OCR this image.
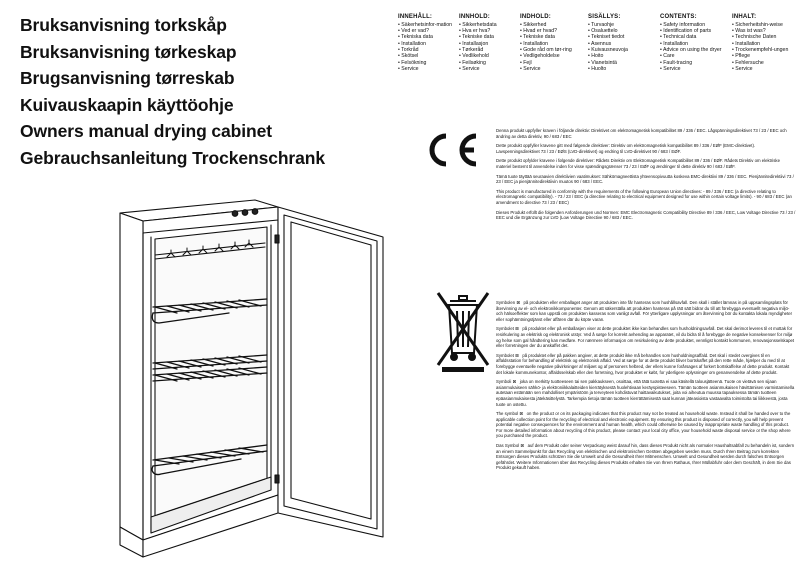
Bruksanvisning torkskåp
Bruksanvisning tørkeskap
Brugsanvisning tørreskab
Kuivauskaapin käyttöohje
Owners manual drying cabinet
Gebrauchsanleitung Trockenschrank
INNEHÅLL:
• Säkerhetsinfor-mation
• Ved er vad?
• Tekniska data
• Installation
• Torkråd
• Skötsel
• Felsökning
• Service
INNHOLD:
• Sikkerhetsdata
• Hva er hva?
• Tekniske data
• Installasjon
• Tørkeråd
• Vedlikehold
• Feilsøking
• Service
INDHOLD:
• Sikkerhed
• Hvad er hvad?
• Tekniske data
• Installation
• Godе råd om tør-ring
• Vedligeholdelse
• Fejl
• Service
SISÄLLYS:
• Turvaohje
• Osaluettelo
• Tekniset tiedot
• Asennus
• Kuivausneuvoja
• Hoito
• Vianetsintä
• Huolto
CONTENTS:
• Safety information
• Identification of parts
• Technical data
• Installation
• Advice on using the dryer
• Care
• Fault-tracing
• Service
INHALT:
• Sicherheitshin-weise
• Was ist was?
• Technische Daten
• Installation
• Trockenempfehl-ungen
• Pflege
• Fehlersuche
• Service

Denna produkt uppfyller kraven i följande direktiv: Direktivet om elektromagnetisk kompatibilitet 89 / 336 / EEC. Lågspänningsdirektivet 73 / 23 / EEC och ändring av detta direktiv, 90 / 683 / EEC

Dette produkt oppfyller kravene gitt med følgende direktiver: Direktiv om elektromagnetisk kompatibilitet 89 / 336 / EØF (EMC-direktivet). Lavspenningsdirektivet 73 / 23 / EØS (LVD-direktivet) og endring til LVD-direktivet 90 / 683 / EØF.

Dette produkt opfylder kravene i følgende direktiver: Rådets Direktiv om Elektromagnetisk Kompatibilitet 89 / 336 / EØF. Rådets Direktiv om elektriske materiel bestemt til anvendelse inden for visse spændingsgrænser 73 / 23 / EØF og ændringer til dette direktiv 90 / 683 / EØF.

Tämä tuote täyttää seuraavien direktiivien vaatimukset: Sähkömagneettista yhteensopivuutta koskeva EMC-direktiivi 89 / 336 / EEC. Pienjännitedirektiivi 73 / 23 / EEC ja pienjännitedirektiivin muutos 90 / 683 / EEC.

This product is manufactured in conformity with the requirements of the following European Union directives: - 89 / 336 / EEC (a directive relating to electromagnetic compatibility). - 73 / 23 / EEC (a directive relating to electrical equipment designed for use within certain voltage limits). - 90 / 683 / EEC (an amendment to directive 73 / 23 / EEC)

Dieses Produkt erfüllt die folgenden Anforderungen und Normen: EMC Electromagnetic Compatibility Directive 89 / 336 / EEC, Low Voltage Directive 73 / 23 / EEC und die Ergänzung zur LVD (Low Voltage Directive 90 / 683 / EEC.

Symbolen ⊠ på produkten eller emballaget anger att produkten inte får hanteras som hushållsavfall. Den skall i stället lämnas in på uppsamlingsplats för återvinning av el- och elektronikkomponenter. Genom att säkerställa att produkten hanteras på rätt sätt bidrar du till att förebygga eventuellt negativa miljö- och hälsoeffekter som kan uppstå om produkten kasseras som vanligt avfall. För ytterligare upplysningar om återvinning bör du kontakta lokala myndigheter eller sophämtningstjänst eller affären där du köpte varan.

Symbolet ⊠ på produktet eller på emballasjen viser at dette produktet ikke kan behandles som husholdningsavfall. Det skal derimot leveres til et mottak for resirkulering av elektrisk og elektronisk utstyr. Ved å sørge for korrekt avhending av apparatet, vil du bidra til å forebygge de negative konsekvenser for miljø og helse som gal håndtering kan medføre. For nærmere informasjon om resirkulering av dette produktet, vennligst kontakt kommunen, renovasjonsselskapet eller forretningen der du anskaffet det.

Symbolet ⊠ på produktet eller på pakken angiver, at dette produkt ikke må behandles som husholdningsaffald. Det skal i stedet overgives til en affaldsstation for behandling af elektrisk og elektronisk affald. Ved at sørge for at dette produkt bliver bortskaffet på den rette måde, hjælper du med til at forebygge eventuelle negative påvirkninger af miljøet og af personers helbred, der ellers kunne forårsages af forkert bortskaffelse af dette produkt. Kontakt det lokale kommunekontor, affaldsselskab eller den forretning, hvor produktet er købt, for yderligere oplysninger om genanvendelse af dette produkt.

Symboli ⊠ joka on merkitty tuotteeseen tai sen pakkaukseen, osoittaa, että tätä tuotetta ei saa käsitellä talousjätteenä. Tuote on vietävä sen sijaan asianmukaiseen sähkö- ja elektroniikkalaitteiden kierrätyksestä huolehtivaan keräyspisteeseen. Tämän tuotteen asianmukaisen hävittämisen varmistamisella autetaan estämään sen mahdolliset ympäristöön ja terveyteen kohdistuvat haittavaikutukset, joita voi aiheutua muussa tapauksessa tämän tuotteen epäasianmukaisesta jätekäsittelystä. Tarkempia tietoja tämän tuotteen kierrättämisestä saat kunnan jäteasioista vastaavalta toimistolta tai liikkeestä, josta tuote on ostettu.

The symbol ⊠ on the product or on its packaging indicates that this product may not be treated as household waste. Instead it shall be handed over to the applicable collection point for the recycling of electrical and electronic equipment. By ensuring this product is disposed of correctly, you will help prevent potential negative consequences for the environment and human health, which could otherwise be caused by inappropriate waste handling of this product. For more detailed information about recycling of this product, please contact your local city office, your household waste disposal service or the shop where you purchased the product.

Das Symbol ⊠ auf dem Produkt oder seiner Verpackung weist darauf hin, dass dieses Produkt nicht als normaler Haushaltsabfall zu behandeln ist, sondern an einem Sammelpunkt für das Recycling von elektrischen und elektronischen Geräten abgegeben werden muss. Durch Ihren Beitrag zum korrekten Entsorgen dieses Produkts schützen Sie die Umwelt und die Gesundheit Ihrer Mitmenschen. Umwelt und Gesundheit werden durch falsches Entsorgen gefährdet. Weitere Informationen über das Recycling dieses Produkts erhalten Sie von Ihrem Rathaus, Ihrer Müllabfuhr oder dem Geschäft, in dem Sie das Produkt gekauft haben.
